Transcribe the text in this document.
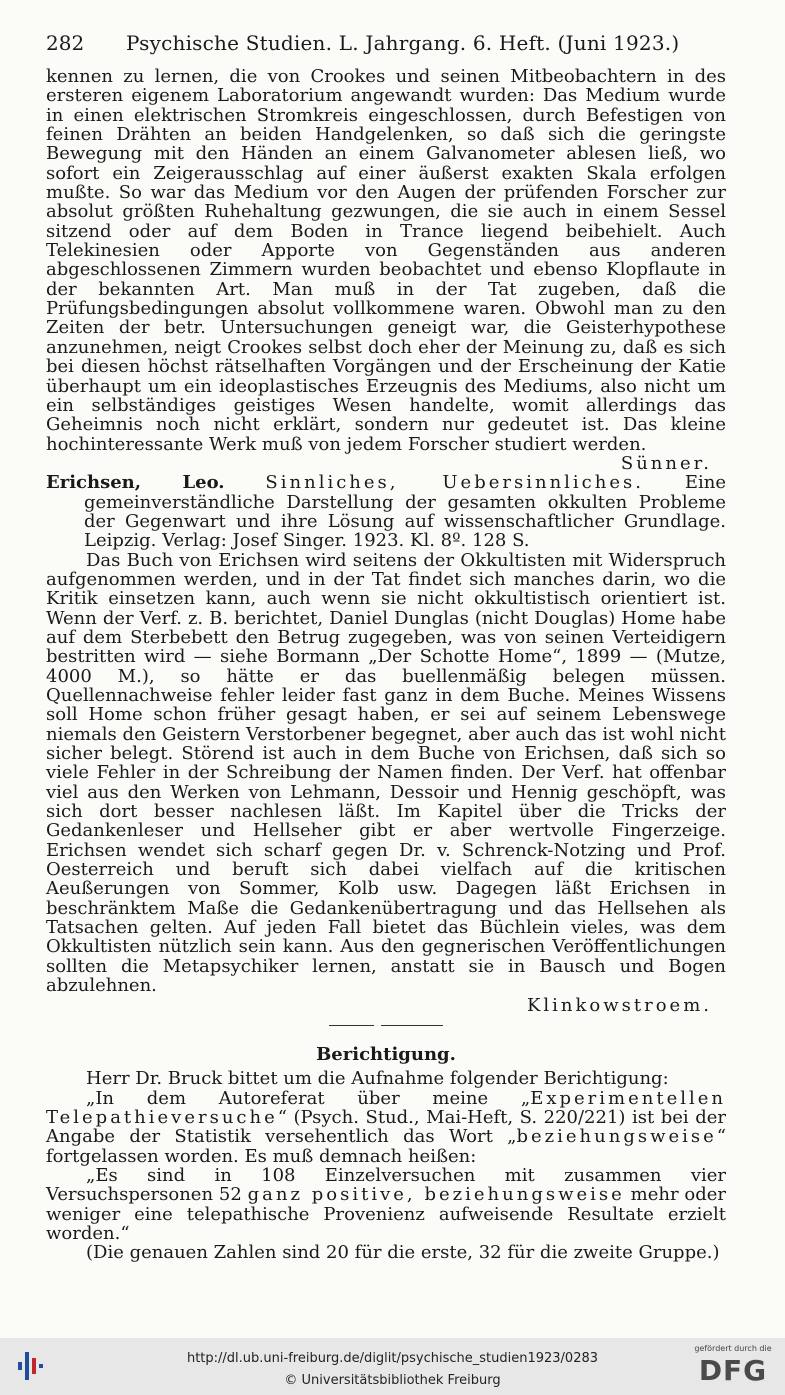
282 Psychische Studien. L. Jahrgang. 6. Heft. (Juni 1923.)

kennen zu lernen, die von Crookes und seinen Mitbeobachtern in des ersteren eigenem Laboratorium angewandt wurden: Das Medium wurde in einen elektrischen Stromkreis eingeschlossen, durch Befestigen von feinen Drähten an beiden Handgelenken, so daß sich die geringste Bewegung mit den Händen an einem Galvanometer ablesen ließ, wo sofort ein Zeigerausschlag auf einer äußerst exakten Skala erfolgen mußte. So war das Medium vor den Augen der prüfenden Forscher zur absolut größten Ruhehaltung gezwungen, die sie auch in einem Sessel sitzend oder auf dem Boden in Trance liegend beibehielt. Auch Telekinesien oder Apporte von Gegenständen aus anderen abgeschlossenen Zimmern wurden beobachtet und ebenso Klopflaute in der bekannten Art. Man muß in der Tat zugeben, daß die Prüfungsbedingungen absolut vollkommene waren. Obwohl man zu den Zeiten der betr. Untersuchungen geneigt war, die Geisterhypothese anzunehmen, neigt Crookes selbst doch eher der Meinung zu, daß es sich bei diesen höchst rätselhaften Vorgängen und der Erscheinung der Katie überhaupt um ein ideoplastisches Erzeugnis des Mediums, also nicht um ein selbständiges geistiges Wesen handelte, womit allerdings das Geheimnis noch nicht erklärt, sondern nur gedeutet ist. Das kleine hochinteressante Werk muß von jedem Forscher studiert werden.

Sünner.

Erichsen, Leo. Sinnliches, Uebersinnliches. Eine gemeinverständliche Darstellung der gesamten okkulten Probleme der Gegenwart und ihre Lösung auf wissenschaftlicher Grundlage. Leipzig. Verlag: Josef Singer. 1923. Kl. 8º. 128 S.

Das Buch von Erichsen wird seitens der Okkultisten mit Widerspruch aufgenommen werden, und in der Tat findet sich manches darin, wo die Kritik einsetzen kann, auch wenn sie nicht okkultistisch orientiert ist. Wenn der Verf. z. B. berichtet, Daniel Dunglas (nicht Douglas) Home habe auf dem Sterbebett den Betrug zugegeben, was von seinen Verteidigern bestritten wird — siehe Bormann „Der Schotte Home“, 1899 — (Mutze, 4000 M.), so hätte er das buellenmäßig belegen müssen. Quellennachweise fehler leider fast ganz in dem Buche. Meines Wissens soll Home schon früher gesagt haben, er sei auf seinem Lebenswege niemals den Geistern Verstorbener begegnet, aber auch das ist wohl nicht sicher belegt. Störend ist auch in dem Buche von Erichsen, daß sich so viele Fehler in der Schreibung der Namen finden. Der Verf. hat offenbar viel aus den Werken von Lehmann, Dessoir und Hennig geschöpft, was sich dort besser nachlesen läßt. Im Kapitel über die Tricks der Gedankenleser und Hellseher gibt er aber wertvolle Fingerzeige. Erichsen wendet sich scharf gegen Dr. v. Schrenck-Notzing und Prof. Oesterreich und beruft sich dabei vielfach auf die kritischen Aeußerungen von Sommer, Kolb usw. Dagegen läßt Erichsen in beschränktem Maße die Gedankenübertragung und das Hellsehen als Tatsachen gelten. Auf jeden Fall bietet das Büchlein vieles, was dem Okkultisten nützlich sein kann. Aus den gegnerischen Veröffentlichungen sollten die Metapsychiker lernen, anstatt sie in Bausch und Bogen abzulehnen.

Klinkowstroem.

Berichtigung.

Herr Dr. Bruck bittet um die Aufnahme folgender Berichtigung:

„In dem Autoreferat über meine „Experimentellen Telepathieversuche“ (Psych. Stud., Mai-Heft, S. 220/221) ist bei der Angabe der Statistik versehentlich das Wort „beziehungsweise“ fortgelassen worden. Es muß demnach heißen:

„Es sind in 108 Einzelversuchen mit zusammen vier Versuchspersonen 52 ganz positive, beziehungsweise mehr oder weniger eine telepathische Provenienz aufweisende Resultate erzielt worden.“

(Die genauen Zahlen sind 20 für die erste, 32 für die zweite Gruppe.)

http://dl.ub.uni-freiburg.de/diglit/psychische_studien1923/0283
© Universitätsbibliothek Freiburg
gefördert durch die
DFG
